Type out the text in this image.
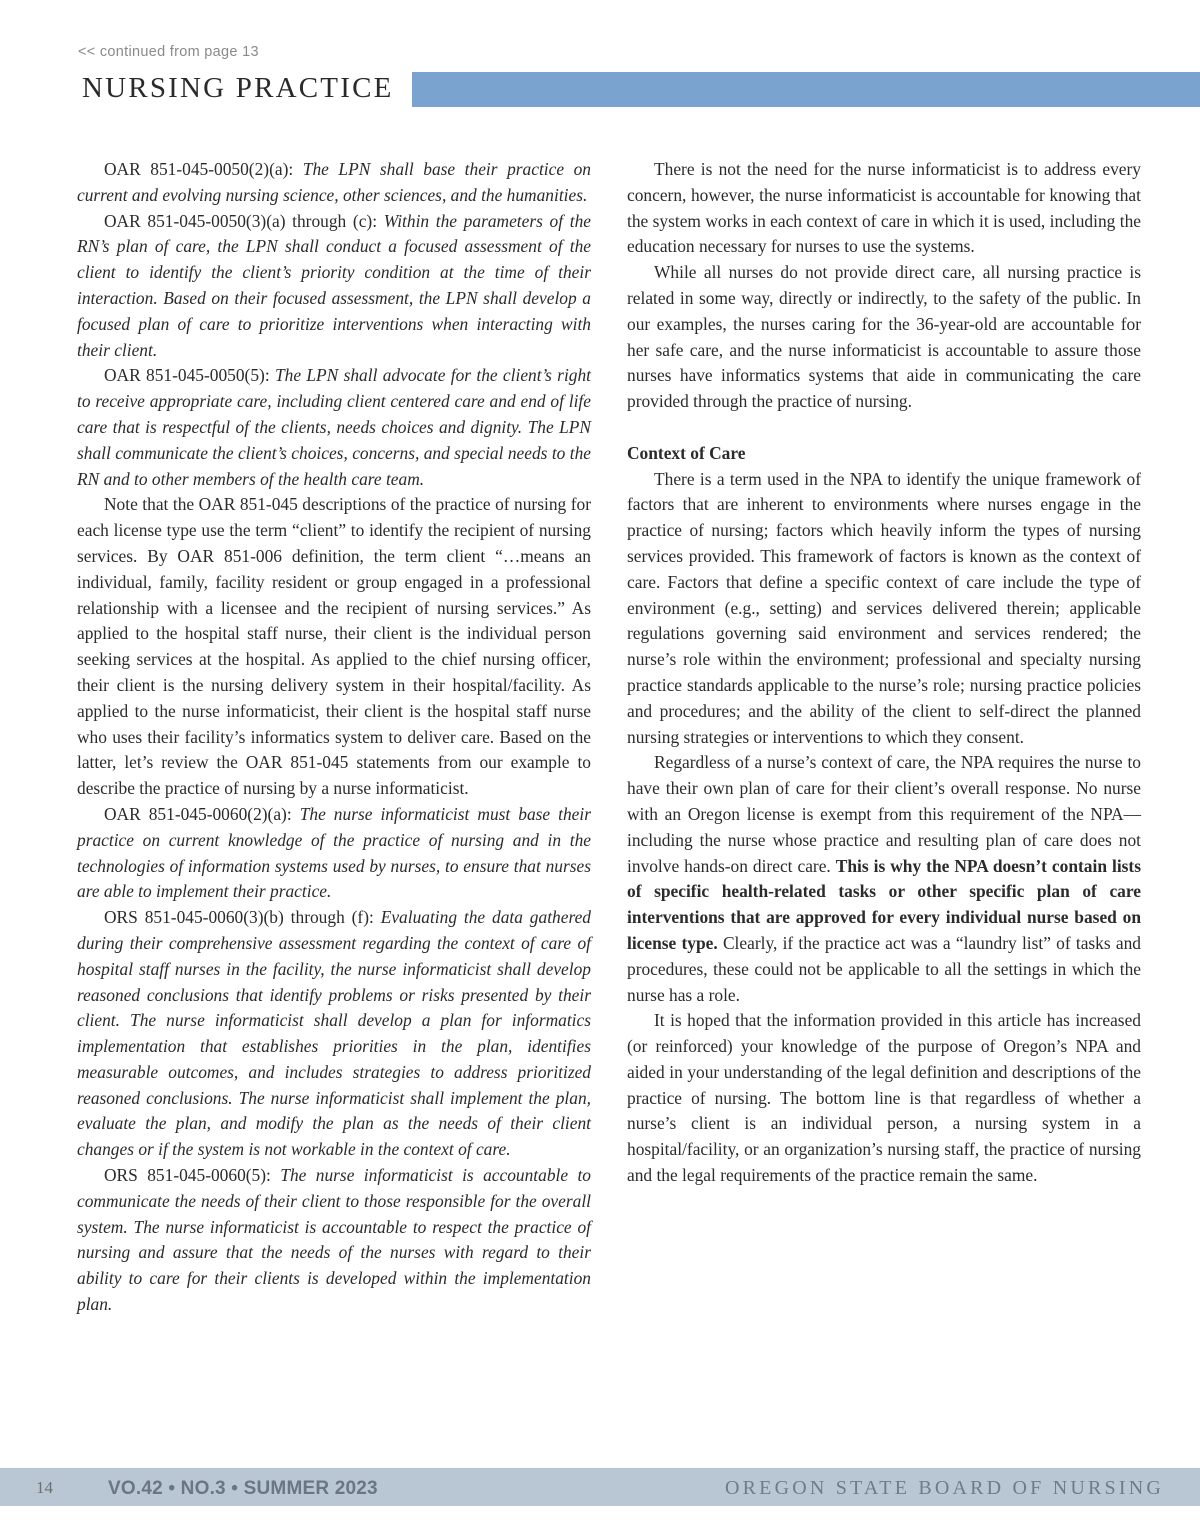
<< continued from page 13
NURSING PRACTICE

OAR 851-045-0050(2)(a): The LPN shall base their practice on current and evolving nursing science, other sciences, and the humanities.

OAR 851-045-0050(3)(a) through (c): Within the parameters of the RN’s plan of care, the LPN shall conduct a focused assessment of the client to identify the client’s priority condition at the time of their interaction. Based on their focused assessment, the LPN shall develop a focused plan of care to prioritize interventions when interacting with their client.

OAR 851-045-0050(5): The LPN shall advocate for the client’s right to receive appropriate care, including client centered care and end of life care that is respectful of the clients, needs choices and dignity. The LPN shall communicate the client’s choices, concerns, and special needs to the RN and to other members of the health care team.

Note that the OAR 851-045 descriptions of the practice of nursing for each license type use the term “client” to identify the recipient of nursing services. By OAR 851-006 definition, the term client “…means an individual, family, facility resident or group engaged in a professional relationship with a licensee and the recipient of nursing services.” As applied to the hospital staff nurse, their client is the individual person seeking services at the hospital. As applied to the chief nursing officer, their client is the nursing delivery system in their hospital/facility. As applied to the nurse informaticist, their client is the hospital staff nurse who uses their facility’s informatics system to deliver care. Based on the latter, let’s review the OAR 851-045 statements from our example to describe the practice of nursing by a nurse informaticist.

OAR 851-045-0060(2)(a): The nurse informaticist must base their practice on current knowledge of the practice of nursing and in the technologies of information systems used by nurses, to ensure that nurses are able to implement their practice.

ORS 851-045-0060(3)(b) through (f): Evaluating the data gathered during their comprehensive assessment regarding the context of care of hospital staff nurses in the facility, the nurse informaticist shall develop reasoned conclusions that identify problems or risks presented by their client. The nurse informaticist shall develop a plan for informatics implementation that establishes priorities in the plan, identifies measurable outcomes, and includes strategies to address prioritized reasoned conclusions. The nurse informaticist shall implement the plan, evaluate the plan, and modify the plan as the needs of their client changes or if the system is not workable in the context of care.

ORS 851-045-0060(5): The nurse informaticist is accountable to communicate the needs of their client to those responsible for the overall system. The nurse informaticist is accountable to respect the practice of nursing and assure that the needs of the nurses with regard to their ability to care for their clients is developed within the implementation plan.

There is not the need for the nurse informaticist is to address every concern, however, the nurse informaticist is accountable for knowing that the system works in each context of care in which it is used, including the education necessary for nurses to use the systems.

While all nurses do not provide direct care, all nursing practice is related in some way, directly or indirectly, to the safety of the public. In our examples, the nurses caring for the 36-year-old are accountable for her safe care, and the nurse informaticist is accountable to assure those nurses have informatics systems that aide in communicating the care provided through the practice of nursing.

Context of Care

There is a term used in the NPA to identify the unique framework of factors that are inherent to environments where nurses engage in the practice of nursing; factors which heavily inform the types of nursing services provided. This framework of factors is known as the context of care. Factors that define a specific context of care include the type of environment (e.g., setting) and services delivered therein; applicable regulations governing said environment and services rendered; the nurse’s role within the environment; professional and specialty nursing practice standards applicable to the nurse’s role; nursing practice policies and procedures; and the ability of the client to self-direct the planned nursing strategies or interventions to which they consent.

Regardless of a nurse’s context of care, the NPA requires the nurse to have their own plan of care for their client’s overall response. No nurse with an Oregon license is exempt from this requirement of the NPA—including the nurse whose practice and resulting plan of care does not involve hands-on direct care. This is why the NPA doesn’t contain lists of specific health-related tasks or other specific plan of care interventions that are approved for every individual nurse based on license type. Clearly, if the practice act was a “laundry list” of tasks and procedures, these could not be applicable to all the settings in which the nurse has a role.

It is hoped that the information provided in this article has increased (or reinforced) your knowledge of the purpose of Oregon’s NPA and aided in your understanding of the legal definition and descriptions of the practice of nursing. The bottom line is that regardless of whether a nurse’s client is an individual person, a nursing system in a hospital/facility, or an organization’s nursing staff, the practice of nursing and the legal requirements of the practice remain the same.

14	VO.42 • NO.3 • SUMMER 2023	OREGON STATE BOARD OF NURSING
